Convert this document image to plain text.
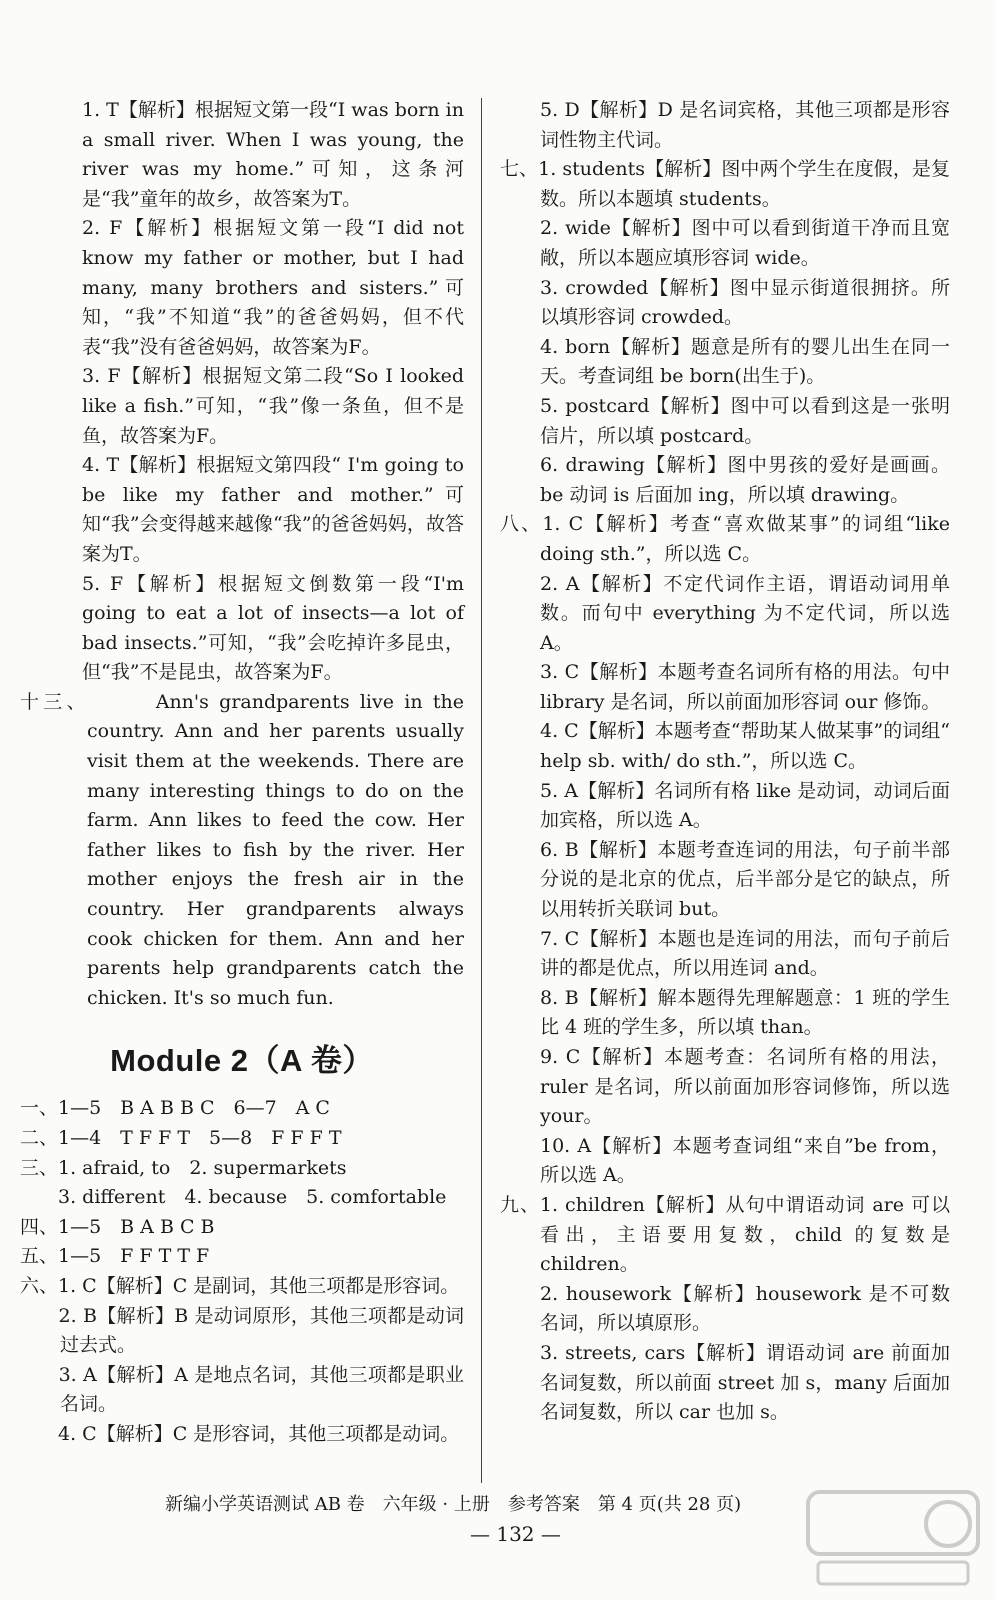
1. T【解析】根据短文第一段“I was born in a small river. When I was young, the river was my home.”可知，这条河是“我”童年的故乡，故答案为T。

2. F【解析】根据短文第一段“I did not know my father or mother, but I had many, many brothers and sisters.”可知，“我”不知道“我”的爸爸妈妈，但不代表“我”没有爸爸妈妈，故答案为F。

3. F【解析】根据短文第二段“So I looked like a fish.”可知，“我”像一条鱼，但不是鱼，故答案为F。

4. T【解析】根据短文第四段“ I'm going to be like my father and mother.”可知“我”会变得越来越像“我”的爸爸妈妈，故答案为T。

5. F【解析】根据短文倒数第一段“I'm going to eat a lot of insects—a lot of bad insects.”可知，“我”会吃掉许多昆虫，但“我”不是昆虫，故答案为F。

十三、	Ann's grandparents live in the country. Ann and her parents usually visit them at the weekends. There are many interesting things to do on the farm. Ann likes to feed the cow. Her father likes to fish by the river. Her mother enjoys the fresh air in the country. Her grandparents always cook chicken for them. Ann and her parents help grandparents catch the chicken. It's so much fun.

Module 2（A 卷）

一、1—5　B A B B C　6—7　A C

二、1—4　T F F T　5—8　F F F T

三、1. afraid, to　2. supermarkets

　　3. different　4. because　5. comfortable

四、1—5　B A B C B

五、1—5　F F T T F

六、1. C【解析】C 是副词，其他三项都是形容词。

　　2. B【解析】B 是动词原形，其他三项都是动词过去式。

　　3. A【解析】A 是地点名词，其他三项都是职业名词。

　　4. C【解析】C 是形容词，其他三项都是动词。

5. D【解析】D 是名词宾格，其他三项都是形容词性物主代词。

七、1. students【解析】图中两个学生在度假，是复数。所以本题填 students。

2. wide【解析】图中可以看到街道干净而且宽敞，所以本题应填形容词 wide。

3. crowded【解析】图中显示街道很拥挤。所以填形容词 crowded。

4. born【解析】题意是所有的婴儿出生在同一天。考查词组 be born(出生于)。

5. postcard【解析】图中可以看到这是一张明信片，所以填 postcard。

6. drawing【解析】图中男孩的爱好是画画。be 动词 is 后面加 ing，所以填 drawing。

八、1. C【解析】考查“喜欢做某事”的词组“like doing sth.”，所以选 C。

2. A【解析】不定代词作主语，谓语动词用单数。而句中 everything 为不定代词，所以选 A。

3. C【解析】本题考查名词所有格的用法。句中 library 是名词，所以前面加形容词 our 修饰。

4. C【解析】本题考查“帮助某人做某事”的词组“ help sb. with/ do sth.”，所以选 C。

5. A【解析】名词所有格 like 是动词，动词后面加宾格，所以选 A。

6. B【解析】本题考查连词的用法，句子前半部分说的是北京的优点，后半部分是它的缺点，所以用转折关联词 but。

7. C【解析】本题也是连词的用法，而句子前后讲的都是优点，所以用连词 and。

8. B【解析】解本题得先理解题意：1 班的学生比 4 班的学生多，所以填 than。

9. C【解析】本题考查：名词所有格的用法，ruler 是名词，所以前面加形容词修饰，所以选 your。

10. A【解析】本题考查词组“来自”be from，所以选 A。

九、1. children【解析】从句中谓语动词 are 可以看出，主语要用复数，child 的复数是 children。

2. housework【解析】housework 是不可数名词，所以填原形。

3. streets, cars【解析】谓语动词 are 前面加名词复数，所以前面 street 加 s，many 后面加名词复数，所以 car 也加 s。

新编小学英语测试 AB 卷　六年级 · 上册　参考答案　第 4 页(共 28 页)
— 132 —
